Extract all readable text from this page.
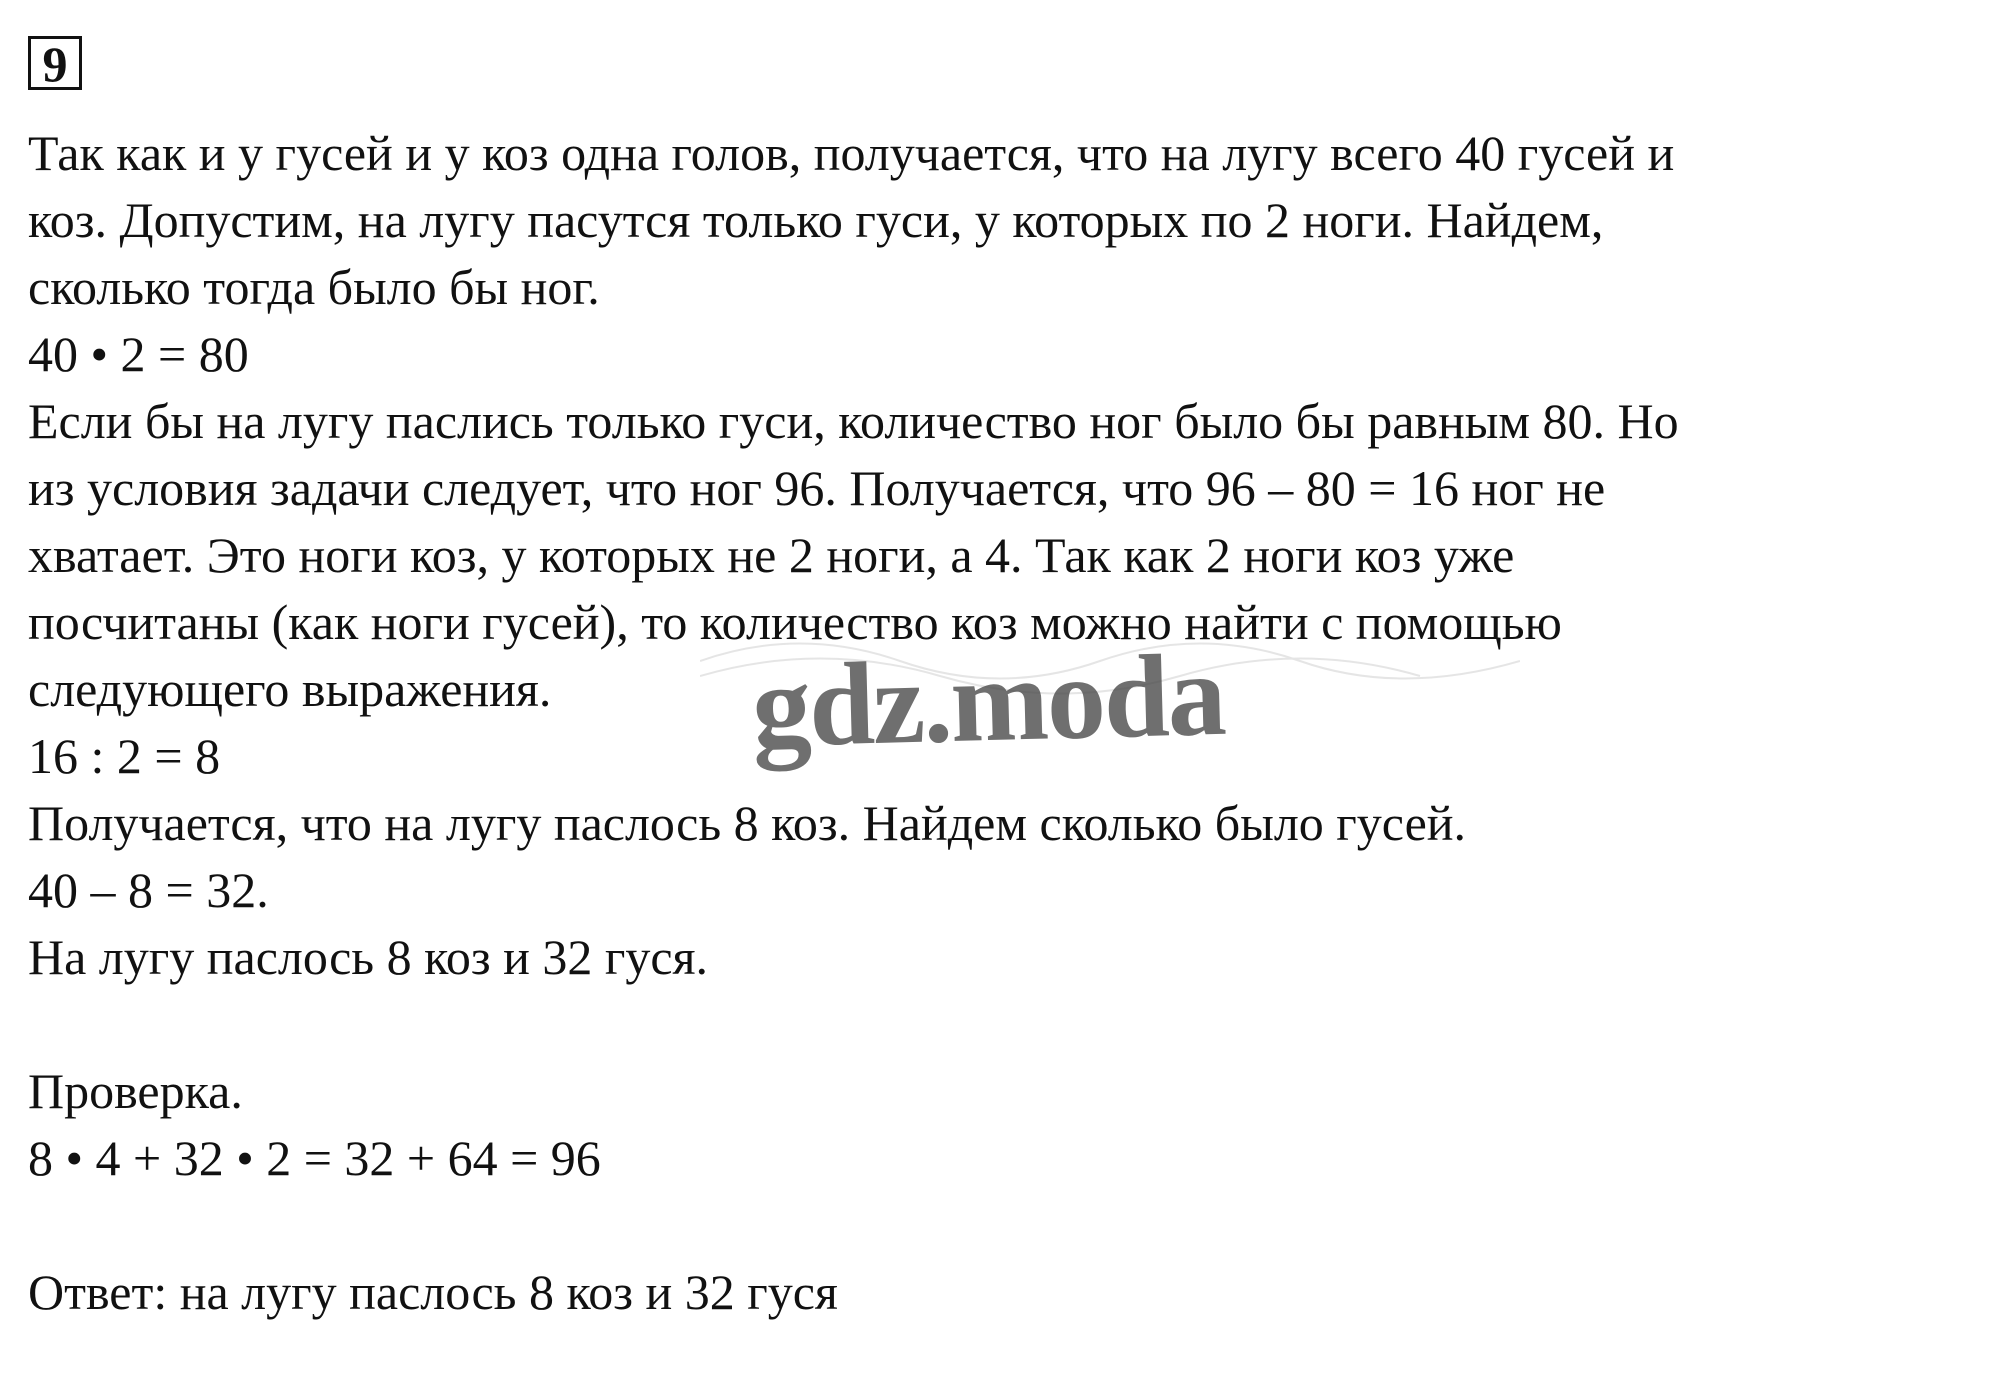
9
Так как и у гусей и у коз одна голов, получается, что на лугу всего 40 гусей и
коз. Допустим, на лугу пасутся только гуси, у которых по 2 ноги. Найдем,
сколько тогда было бы ног.
40 • 2 = 80
Если бы на лугу паслись только гуси, количество ног было бы равным 80. Но
из условия задачи следует, что ног 96. Получается, что 96 – 80 = 16 ног не
хватает. Это ноги коз, у которых не 2 ноги, а 4. Так как 2 ноги коз уже
посчитаны (как ноги гусей), то количество коз можно найти с помощью
следующего выражения.
16 : 2 = 8
Получается, что на лугу паслось 8 коз. Найдем сколько было гусей.
40 – 8 = 32.
На лугу паслось 8 коз и 32 гуся.
Проверка.
8 • 4 + 32 • 2 = 32 + 64 = 96
Ответ: на лугу паслось 8 коз и 32 гуся
gdz.moda
